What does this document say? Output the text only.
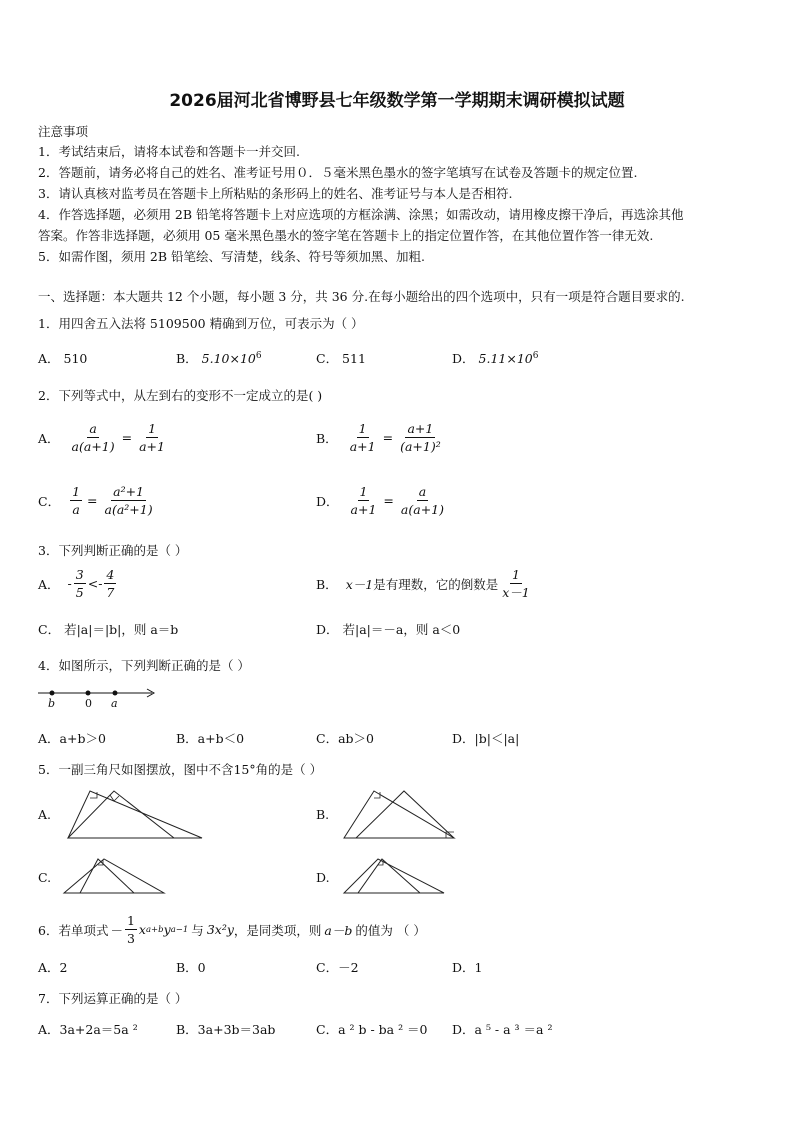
2026届河北省博野县七年级数学第一学期期末调研模拟试题
注意事项
1．考试结束后，请将本试卷和答题卡一并交回.
2．答题前，请务必将自己的姓名、准考证号用０．５毫米黑色墨水的签字笔填写在试卷及答题卡的规定位置.
3．请认真核对监考员在答题卡上所粘贴的条形码上的姓名、准考证号与本人是否相符.
4．作答选择题，必须用 2B 铅笔将答题卡上对应选项的方框涂满、涂黑；如需改动，请用橡皮擦干净后，再选涂其他
答案。作答非选择题，必须用 05 毫米黑色墨水的签字笔在答题卡上的指定位置作答，在其他位置作答一律无效.
5．如需作图，须用 2B 铅笔绘、写清楚，线条、符号等须加黑、加粗.
一、选择题：本大题共 12 个小题，每小题 3 分，共 36 分.在每小题给出的四个选项中，只有一项是符合题目要求的.
1．用四舍五入法将 5109500 精确到万位，可表示为（ ）
A． 510	B． $5.10\times 10^6$	C． 511	D． $5.11\times 10^6$
2．下列等式中，从左到右的变形不一定成立的是( )
A． $\frac{a}{a(a+1)} = \frac{1}{a+1}$	B． $\frac{1}{a+1} = \frac{a+1}{\text{(a+1)²}}$
C． $\frac{1}{a} = \frac{\text{a²+1}}{\text{a(a²+1)}}$	D． $\frac{1}{a+1} = \frac{a}{a(a+1)}$
3．下列判断正确的是（ ）
A． - $\frac{3}{5} <- \frac{4}{7}$	B． x－1 是有理数，它的倒数是 $\frac{1}{x-1}$
C． 若|a|＝|b|，则 a＝b	D． 若|a|＝－a，则 a＜0
4．如图所示，下列判断正确的是（ ）
b	0 a
A．a+b＞0	B．a+b＜0	C．ab＞0	D．|b|＜|a|
5．一副三角尺如图摆放，图中不含15°角的是（ ）
A.	B.
C.	D.
6．若单项式 － $\frac{1}{3}$ x a+b y a−1 与 3x²y ，是同类项，则 a－b 的值为 （ ）
A．2	B．0	C．－2	D．1
7．下列运算正确的是（ ）
A．3a+2a＝5a ²	B．3a+3b＝3ab	C．a ² b - ba ² ＝0 D．a ⁵ - a ³ ＝a ²
